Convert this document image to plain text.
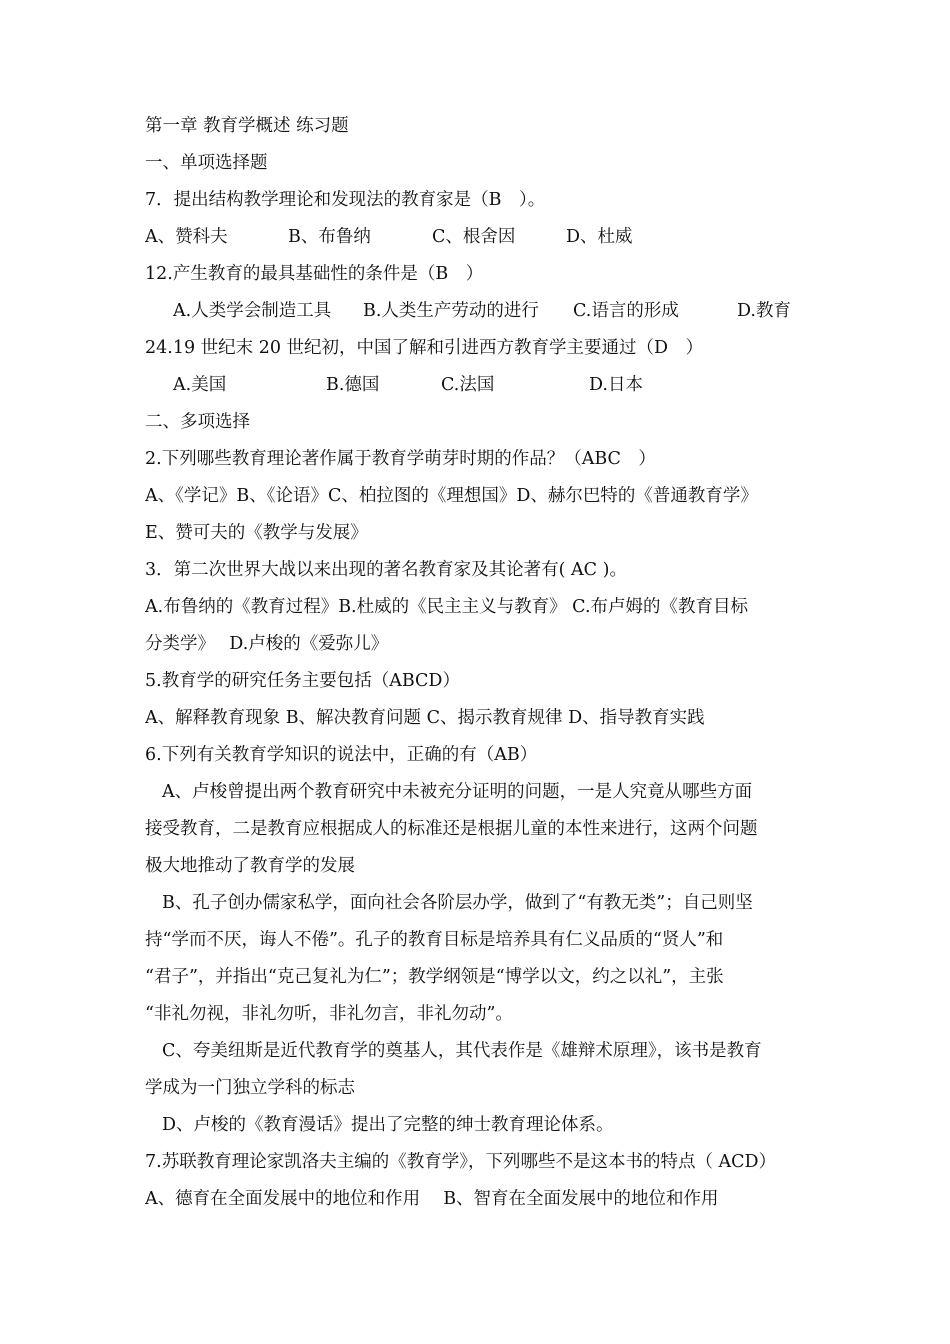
第一章 教育学概述 练习题
一、单项选择题
7．提出结构教学理论和发现法的教育家是（B　）。
A、赞科夫	B、布鲁纳	C、根舍因	D、杜威
12.产生教育的最具基础性的条件是（B　）
A.人类学会制造工具	B.人类生产劳动的进行	C.语言的形成	D.教育
24.19 世纪末 20 世纪初，中国了解和引进西方教育学主要通过（D　）
A.美国	B.德国	C.法国	D.日本
二、多项选择
2.下列哪些教育理论著作属于教育学萌芽时期的作品？（ABC　）
A、《学记》B、《论语》C、柏拉图的《理想国》D、赫尔巴特的《普通教育学》
E、赞可夫的《教学与发展》
3．第二次世界大战以来出现的著名教育家及其论著有( AC )。
A.布鲁纳的《教育过程》B.杜威的《民主主义与教育》 C.布卢姆的《教育目标
分类学》　 D.卢梭的《爱弥儿》
5.教育学的研究任务主要包括（ABCD）
A、解释教育现象 B、解决教育问题 C、揭示教育规律 D、指导教育实践
6.下列有关教育学知识的说法中，正确的有（AB）
A、卢梭曾提出两个教育研究中未被充分证明的问题，一是人究竟从哪些方面
接受教育，二是教育应根据成人的标准还是根据儿童的本性来进行，这两个问题
极大地推动了教育学的发展
B、孔子创办儒家私学，面向社会各阶层办学，做到了“有教无类”；自己则坚
持“学而不厌，诲人不倦”。孔子的教育目标是培养具有仁义品质的“贤人”和
“君子”，并指出“克己复礼为仁”；教学纲领是“博学以文，约之以礼”，主张
“非礼勿视，非礼勿听，非礼勿言，非礼勿动”。
C、夸美纽斯是近代教育学的奠基人，其代表作是《雄辩术原理》，该书是教育
学成为一门独立学科的标志
D、卢梭的《教育漫话》提出了完整的绅士教育理论体系。
7.苏联教育理论家凯洛夫主编的《教育学》，下列哪些不是这本书的特点（ ACD）
A、德育在全面发展中的地位和作用　 B、智育在全面发展中的地位和作用
